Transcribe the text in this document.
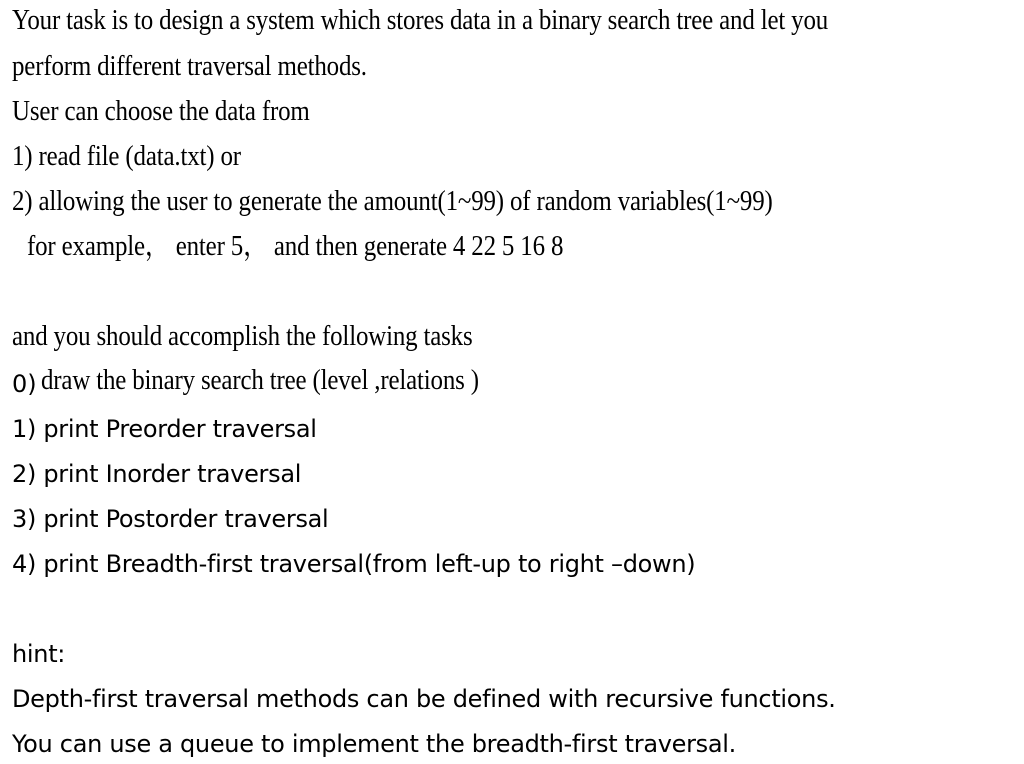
Your task is to design a system which stores data in a binary search tree and let you
perform different traversal methods.
User can choose the data from
1) read file (data.txt) or
2) allowing the user to generate the amount(1~99) of random variables(1~99)
for example， enter 5， and then generate 4 22 5 16 8
and you should accomplish the following tasks
0) draw the binary search tree (level ,relations )
1) print Preorder traversal
2) print Inorder traversal
3) print Postorder traversal
4) print Breadth-first traversal(from left-up to right –down)
hint:
Depth-first traversal methods can be defined with recursive functions.
You can use a queue to implement the breadth-first traversal.
